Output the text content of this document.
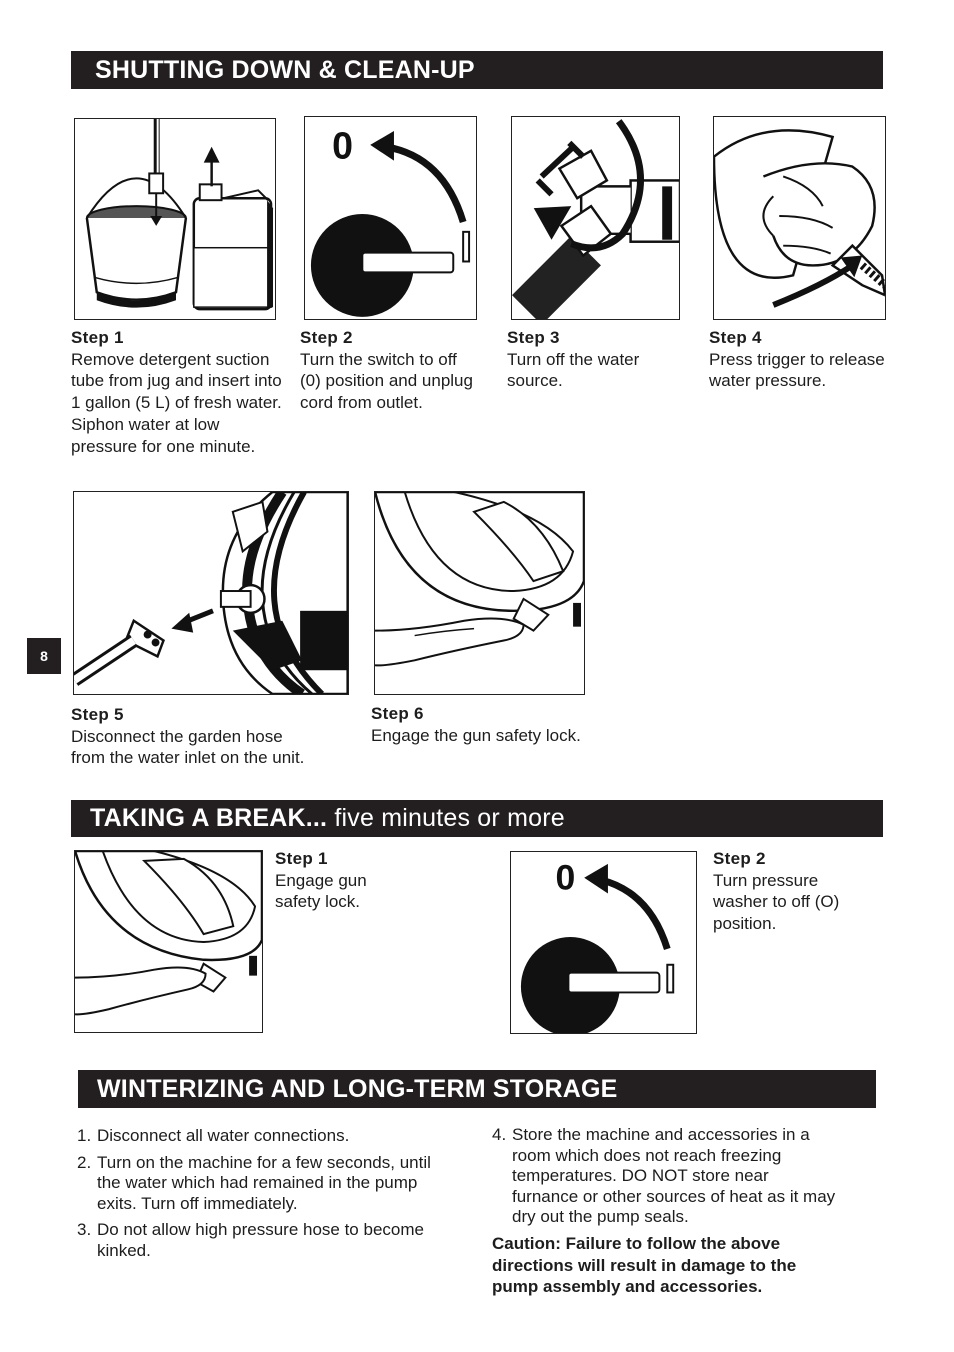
SHUTTING DOWN & CLEAN-UP
Step 1
Remove detergent suction tube from jug and insert into 1 gallon (5 L) of fresh water. Siphon water at low pressure for one minute.
0
Step 2
Turn the switch to off (0) position and unplug cord from outlet.
Step 3
Turn off the water source.
Step 4
Press trigger to release water pressure.
Step 5
Disconnect the garden hose from the water inlet on the unit.
Step 6
Engage the gun safety lock.
8
TAKING A BREAK... five minutes or more
Step 1
Engage gun safety lock.
0	Step 2
Turn pressure washer to off (O) position.
WINTERIZING AND LONG-TERM STORAGE
1. Disconnect all water connections.
2. Turn on the machine for a few seconds, until the water which had remained in the pump exits. Turn off immediately.
3. Do not allow high pressure hose to become kinked.
4. Store the machine and accessories in a room which does not reach freezing temperatures. DO NOT store near furnance or other sources of heat as it may dry out the pump seals.
Caution: Failure to follow the above directions will result in damage to the pump assembly and accessories.
